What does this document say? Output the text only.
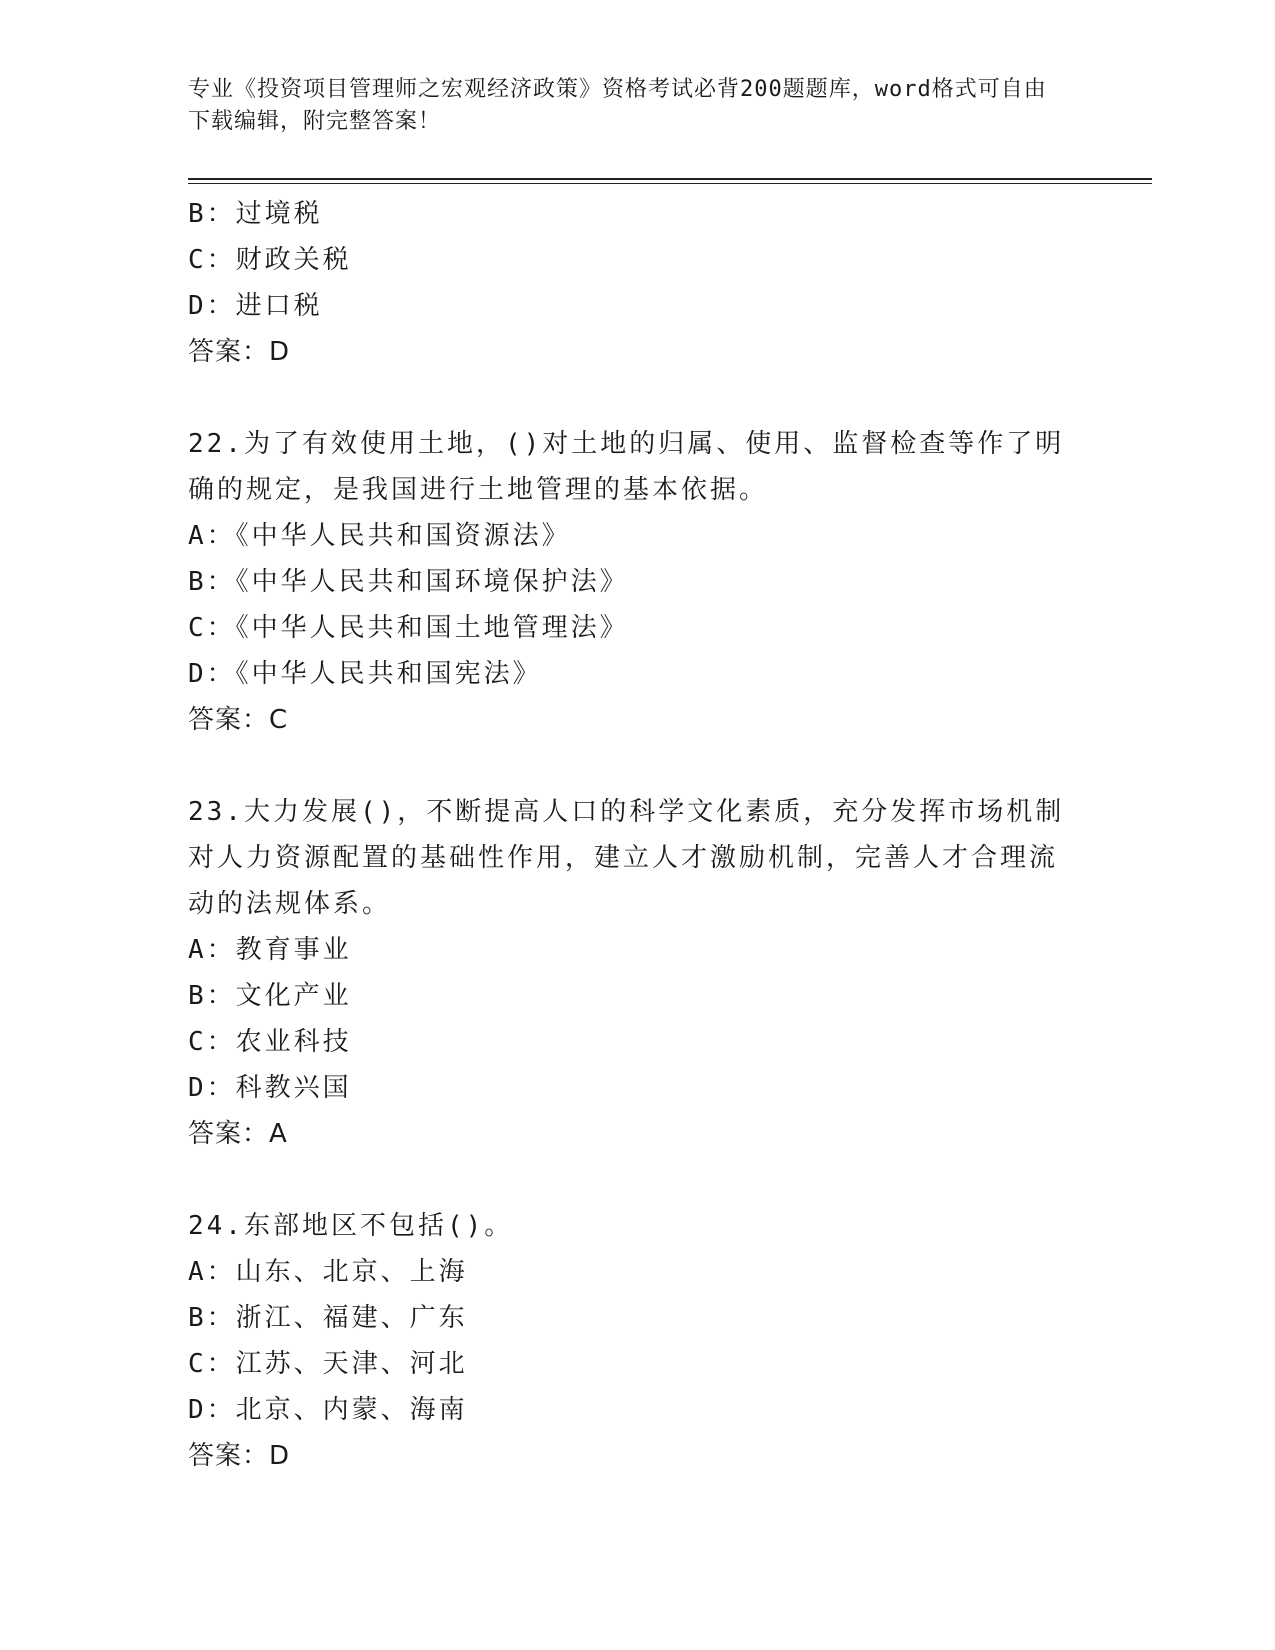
专业《投资项目管理师之宏观经济政策》资格考试必背200题题库，word格式可自由下载编辑，附完整答案！
B：过境税
C：财政关税
D：进口税
答案：D
22.为了有效使用土地，()对土地的归属、使用、监督检查等作了明确的规定，是我国进行土地管理的基本依据。
A：《中华人民共和国资源法》
B：《中华人民共和国环境保护法》
C：《中华人民共和国土地管理法》
D：《中华人民共和国宪法》
答案：C
23.大力发展()，不断提高人口的科学文化素质，充分发挥市场机制对人力资源配置的基础性作用，建立人才激励机制，完善人才合理流动的法规体系。
A：教育事业
B：文化产业
C：农业科技
D：科教兴国
答案：A
24.东部地区不包括()。
A：山东、北京、上海
B：浙江、福建、广东
C：江苏、天津、河北
D：北京、内蒙、海南
答案：D
